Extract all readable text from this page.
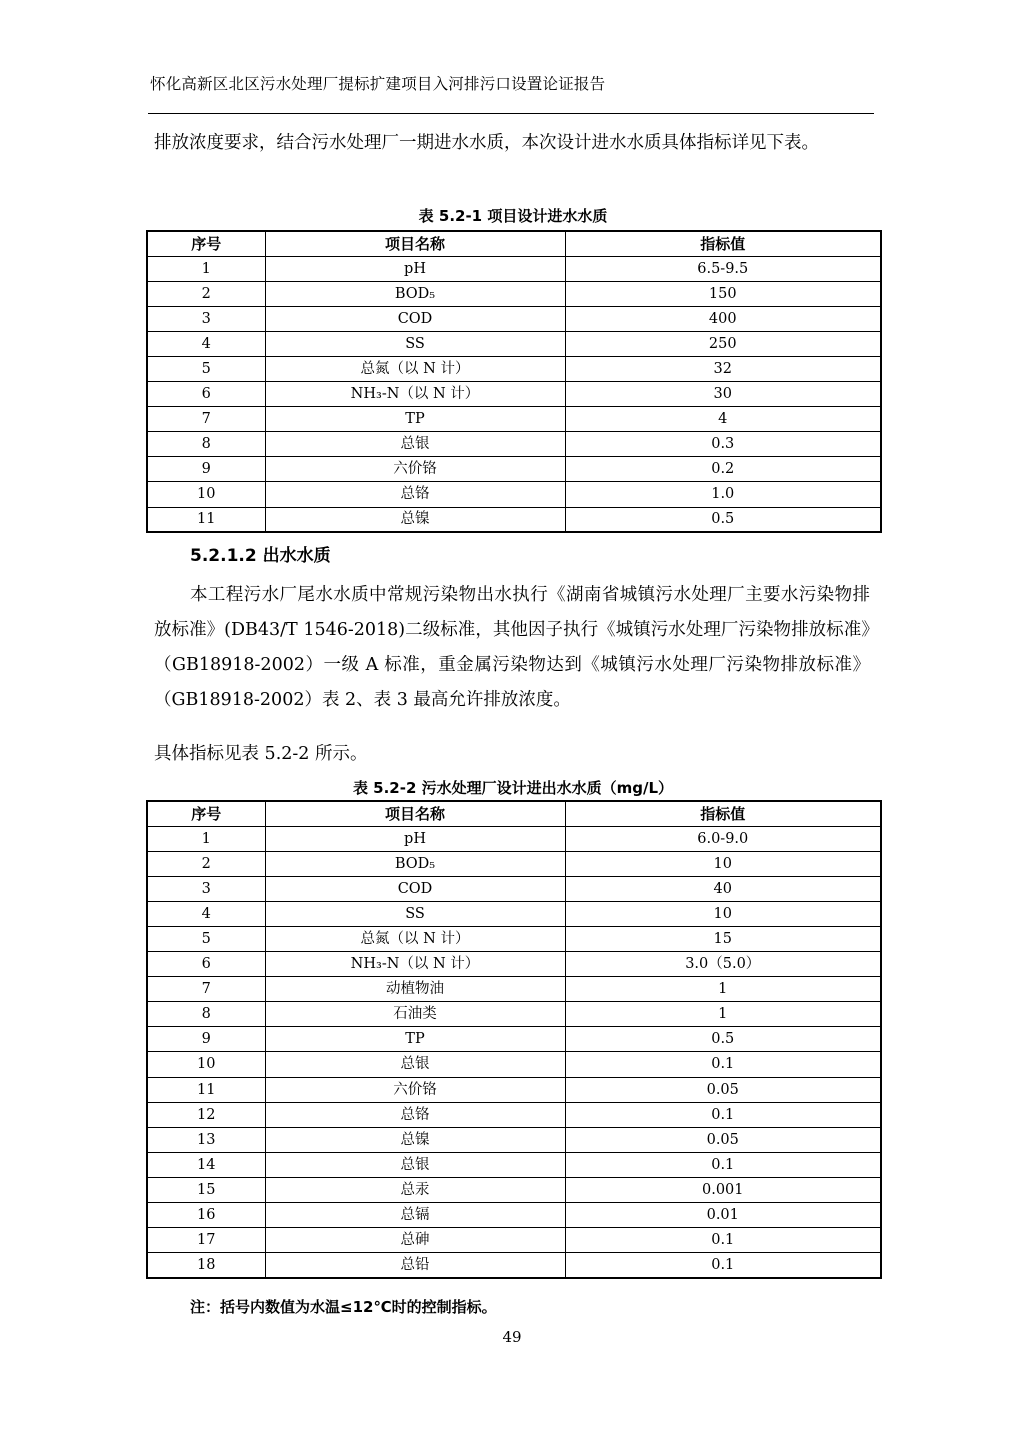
怀化高新区北区污水处理厂提标扩建项目入河排污口设置论证报告

排放浓度要求，结合污水处理厂一期进水水质，本次设计进水水质具体指标详见下表。

表 5.2-1 项目设计进水水质
序号	项目名称	指标值
1	pH	6.5-9.5
2	BOD₅	150
3	COD	400
4	SS	250
5	总氮（以 N 计）	32
6	NH₃-N（以 N 计）	30
7	TP	4
8	总银	0.3
9	六价铬	0.2
10	总铬	1.0
11	总镍	0.5
5.2.1.2 出水水质

本工程污水厂尾水水质中常规污染物出水执行《湖南省城镇污水处理厂主要水污染物排放标准》(DB43/T 1546-2018)二级标准，其他因子执行《城镇污水处理厂污染物排放标准》（GB18918-2002）一级 A 标准，重金属污染物达到《城镇污水处理厂污染物排放标准》（GB18918-2002）表 2、表 3 最高允许排放浓度。

具体指标见表 5.2-2 所示。

表 5.2-2 污水处理厂设计进出水水质（mg/L）
序号	项目名称	指标值
1	pH	6.0-9.0
2	BOD₅	10
3	COD	40
4	SS	10
5	总氮（以 N 计）	15
6	NH₃-N（以 N 计）	3.0（5.0）
7	动植物油	1
8	石油类	1
9	TP	0.5
10	总银	0.1
11	六价铬	0.05
12	总铬	0.1
13	总镍	0.05
14	总银	0.1
15	总汞	0.001
16	总镉	0.01
17	总砷	0.1
18	总铅	0.1
注：括号内数值为水温≤12℃时的控制指标。
49
